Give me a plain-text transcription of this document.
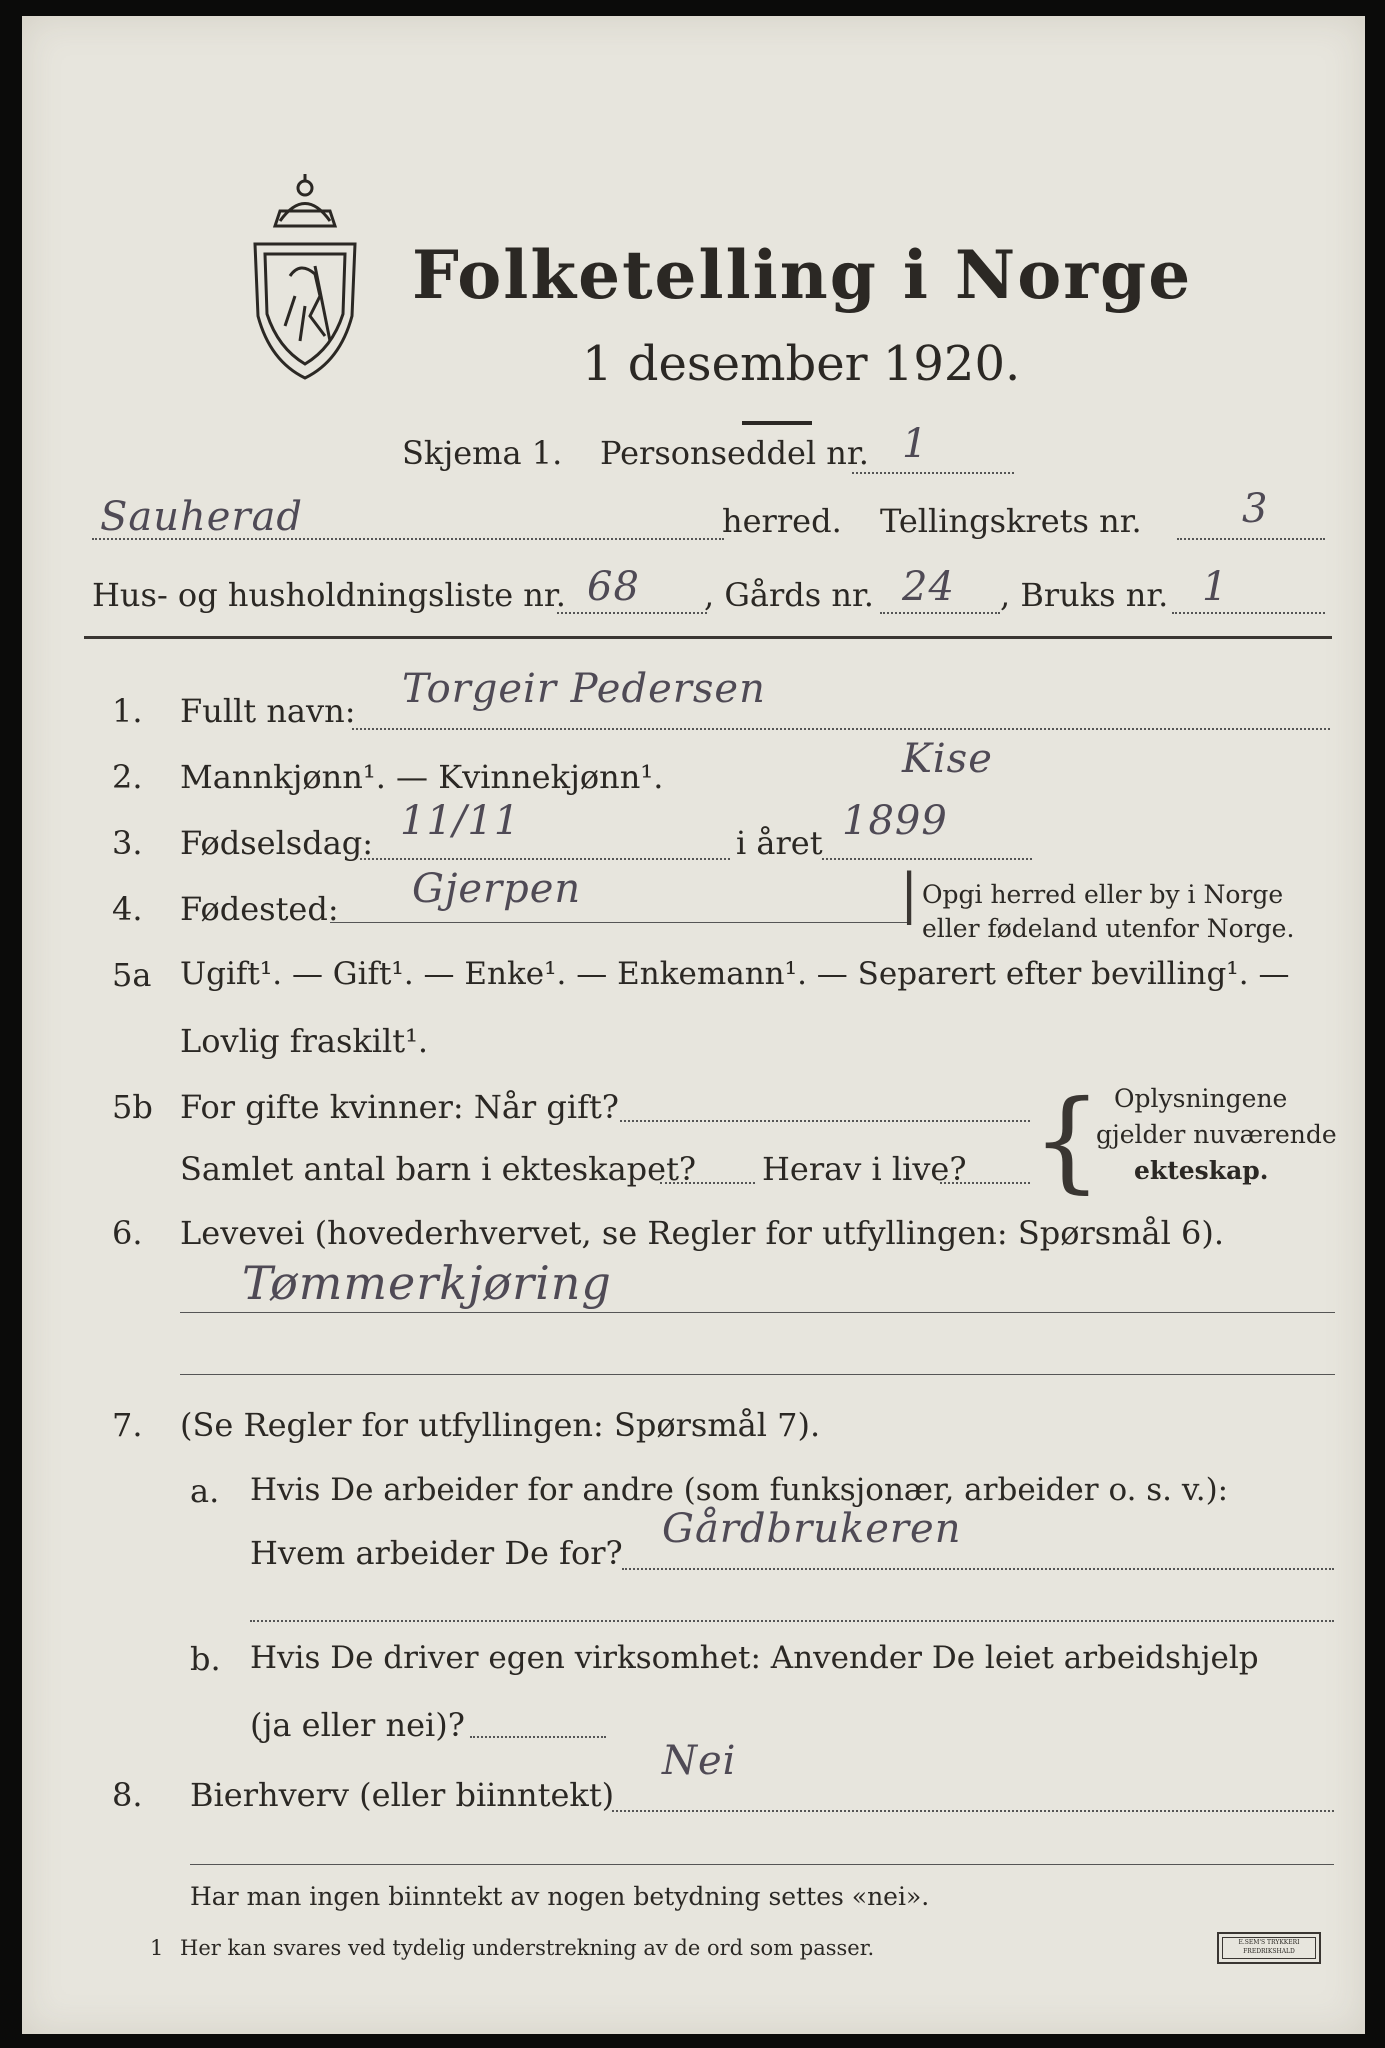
Folketelling i Norge
1 desember 1920.
Skjema 1. Personseddel nr. 1
Sauherad	herred. Tellingskrets nr.	3
Hus- og husholdningsliste nr. 68 , Gårds nr. 24 , Bruks nr. 1
1. Fullt navn: Torgeir Pedersen
2. Mannkjønn¹. — Kvinnekjønn¹.	Kise
3. Fødselsdag: 11/11	i året 1899
4. Fødested: Gjerpen	| Opgi herred eller by i Norge
eller fødeland utenfor Norge.
5a Ugift¹. — Gift¹. — Enke¹. — Enkemann¹. — Separert efter bevilling¹. —
Lovlig fraskilt¹.
5b For gifte kvinner: Når gift?
Samlet antal barn i ekteskapet? Herav i live? { Oplysningene
gjelder nuværende
ekteskap.
6. Levevei (hovederhvervet, se Regler for utfyllingen: Spørsmål 6).
Tømmerkjøring
7. (Se Regler for utfyllingen: Spørsmål 7).
a. Hvis De arbeider for andre (som funksjonær, arbeider o. s. v.):
Hvem arbeider De for?
Gårdbrukeren
b. Hvis De driver egen virksomhet: Anvender De leiet arbeidshjelp
(ja eller nei)?
8. Bierhverv (eller biinntekt)
Nei
Har man ingen biinntekt av nogen betydning settes «nei».
1 Her kan svares ved tydelig understrekning av de ord som passer.	E.SEM'S TRYKKERI
FREDRIKSHALD
